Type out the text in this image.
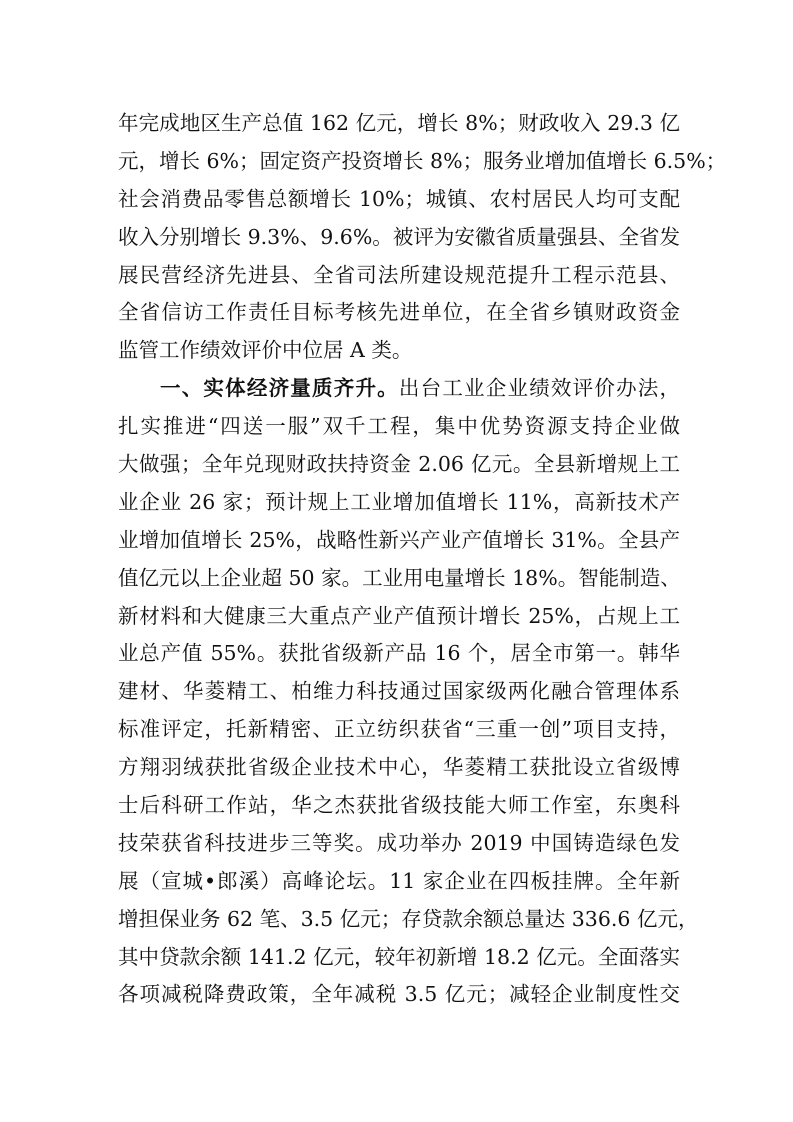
年完成地区生产总值 162 亿元，增长 8%；财政收入 29.3 亿
元，增长 6%；固定资产投资增长 8%；服务业增加值增长 6.5%；
社会消费品零售总额增长 10%；城镇、农村居民人均可支配
收入分别增长 9.3%、9.6%。被评为安徽省质量强县、全省发
展民营经济先进县、全省司法所建设规范提升工程示范县、
全省信访工作责任目标考核先进单位，在全省乡镇财政资金
监管工作绩效评价中位居 A 类。
一、实体经济量质齐升。出台工业企业绩效评价办法，
扎实推进“四送一服”双千工程，集中优势资源支持企业做
大做强；全年兑现财政扶持资金 2.06 亿元。全县新增规上工
业企业 26 家；预计规上工业增加值增长 11%，高新技术产
业增加值增长 25%，战略性新兴产业产值增长 31%。全县产
值亿元以上企业超 50 家。工业用电量增长 18%。智能制造、
新材料和大健康三大重点产业产值预计增长 25%，占规上工
业总产值 55%。获批省级新产品 16 个，居全市第一。韩华
建材、华菱精工、柏维力科技通过国家级两化融合管理体系
标准评定，托新精密、正立纺织获省“三重一创”项目支持，
方翔羽绒获批省级企业技术中心，华菱精工获批设立省级博
士后科研工作站，华之杰获批省级技能大师工作室，东奥科
技荣获省科技进步三等奖。成功举办 2019 中国铸造绿色发
展（宣城•郎溪）高峰论坛。11 家企业在四板挂牌。全年新
增担保业务 62 笔、3.5 亿元；存贷款余额总量达 336.6 亿元，
其中贷款余额 141.2 亿元，较年初新增 18.2 亿元。全面落实
各项减税降费政策，全年减税 3.5 亿元；减轻企业制度性交
